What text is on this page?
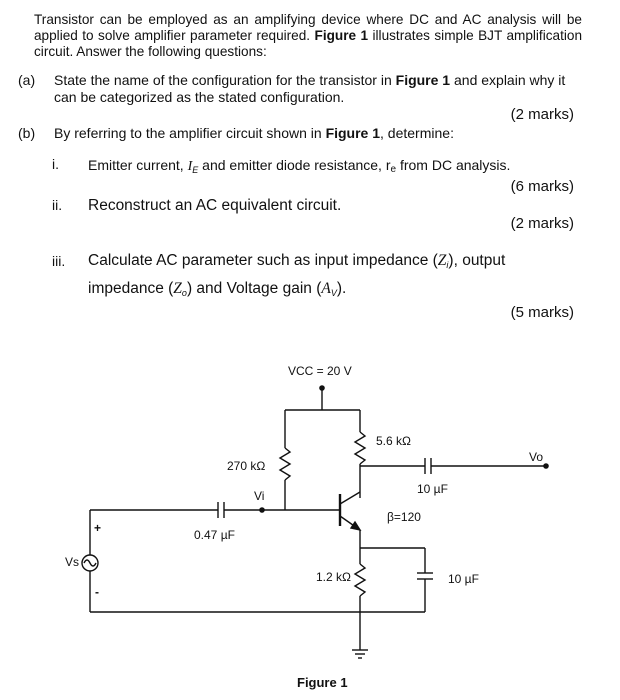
Transistor can be employed as an amplifying device where DC and AC analysis will be applied to solve amplifier parameter required. Figure 1 illustrates simple BJT amplification circuit. Answer the following questions:
(a) State the name of the configuration for the transistor in Figure 1 and explain why it can be categorized as the stated configuration.
(2 marks)
(b) By referring to the amplifier circuit shown in Figure 1, determine:
i. Emitter current, $I_E$ and emitter diode resistance, re from DC analysis.
(6 marks)
ii. Reconstruct an AC equivalent circuit.
(2 marks)
iii. Calculate AC parameter such as input impedance $(Z_i)$, output
impedance $(Z_o)$ and Voltage gain $(A_V)$.
(5 marks)
VCC = 20 V
270 kΩ
5.6 kΩ
1.2 kΩ
0.47 µF
10 µF
10 µF
β=120
Vi
Vo
Vs
+
-
Figure 1
